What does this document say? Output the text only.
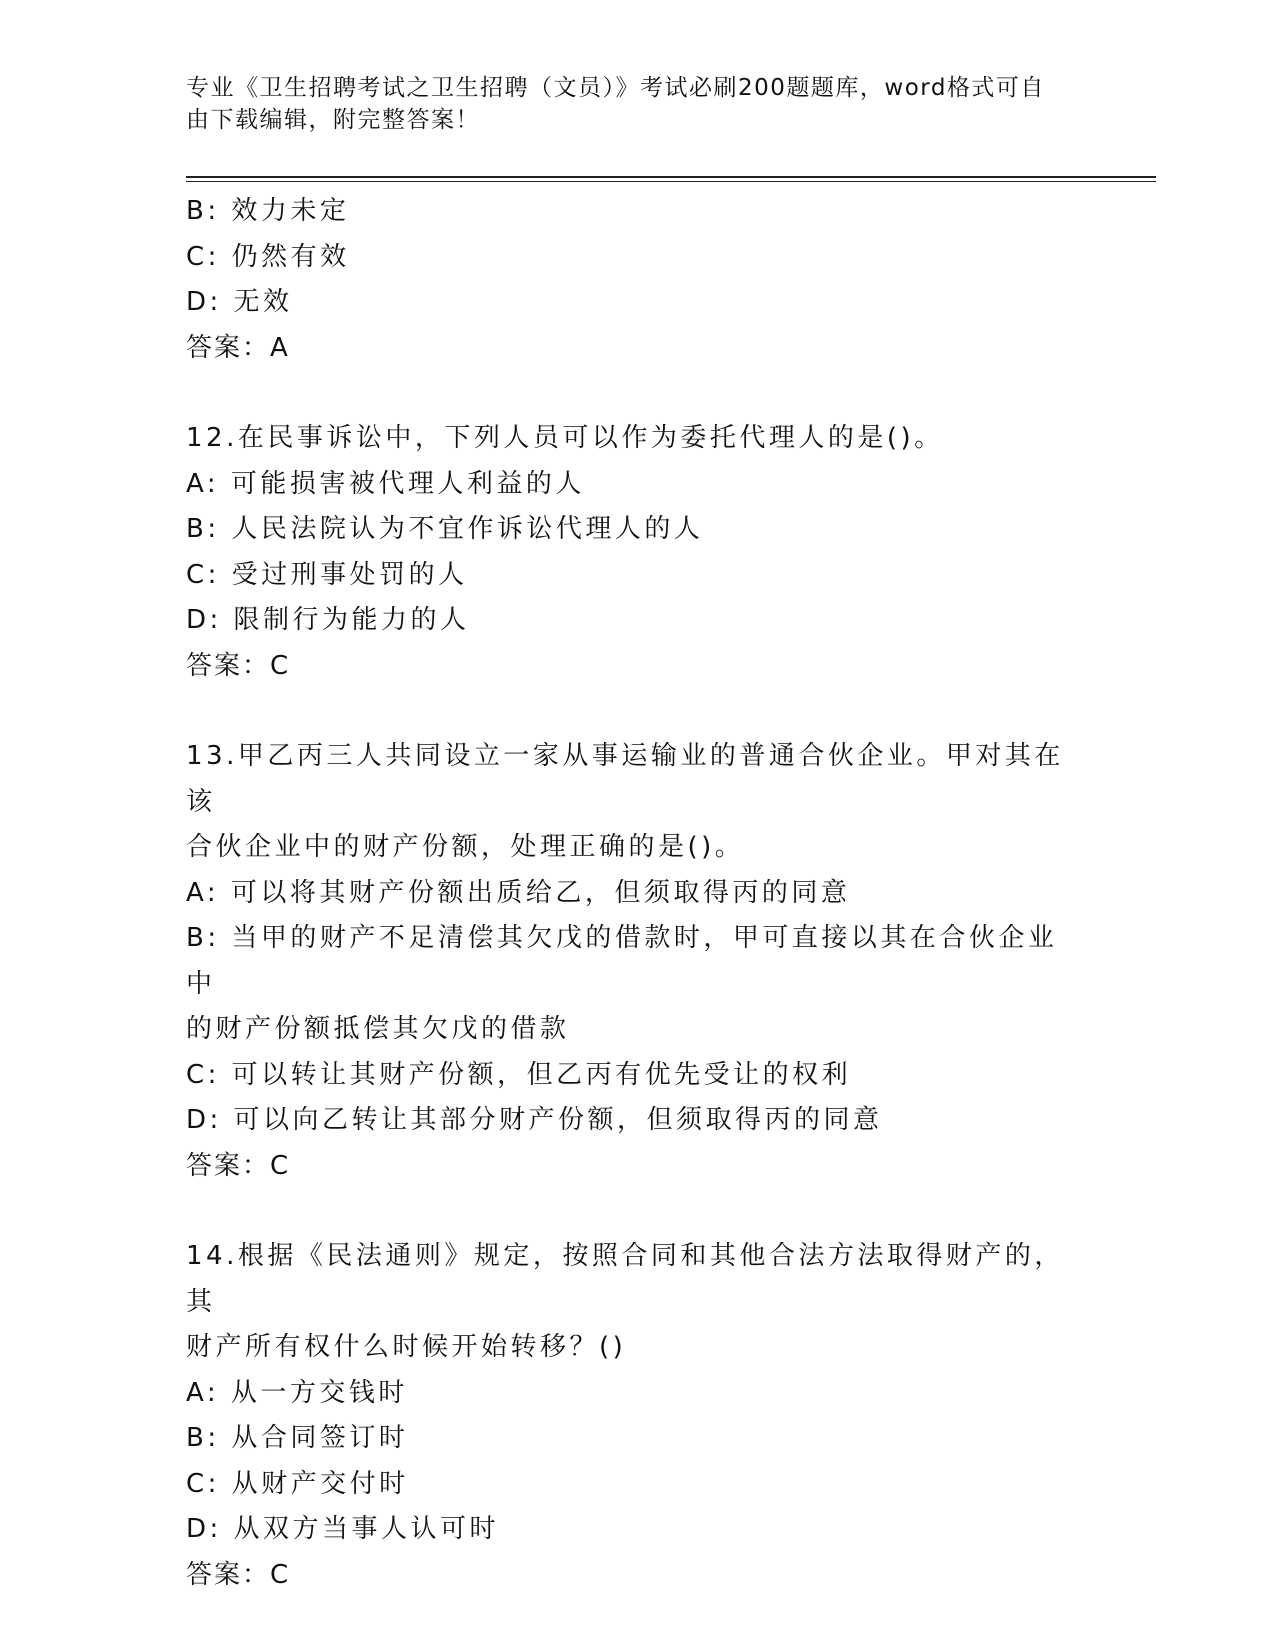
专业《卫生招聘考试之卫生招聘（文员）》考试必刷200题题库，word格式可自
由下载编辑，附完整答案！

B: 效力未定

C: 仍然有效

D: 无效

答案：A

12.在民事诉讼中，下列人员可以作为委托代理人的是()。

A: 可能损害被代理人利益的人

B: 人民法院认为不宜作诉讼代理人的人

C: 受过刑事处罚的人

D: 限制行为能力的人

答案：C

13.甲乙丙三人共同设立一家从事运输业的普通合伙企业。甲对其在该

合伙企业中的财产份额，处理正确的是()。

A: 可以将其财产份额出质给乙，但须取得丙的同意

B: 当甲的财产不足清偿其欠戊的借款时，甲可直接以其在合伙企业中

的财产份额抵偿其欠戊的借款

C: 可以转让其财产份额，但乙丙有优先受让的权利

D: 可以向乙转让其部分财产份额，但须取得丙的同意

答案：C

14.根据《民法通则》规定，按照合同和其他合法方法取得财产的，其

财产所有权什么时候开始转移？()

A: 从一方交钱时

B: 从合同签订时

C: 从财产交付时

D: 从双方当事人认可时

答案：C
